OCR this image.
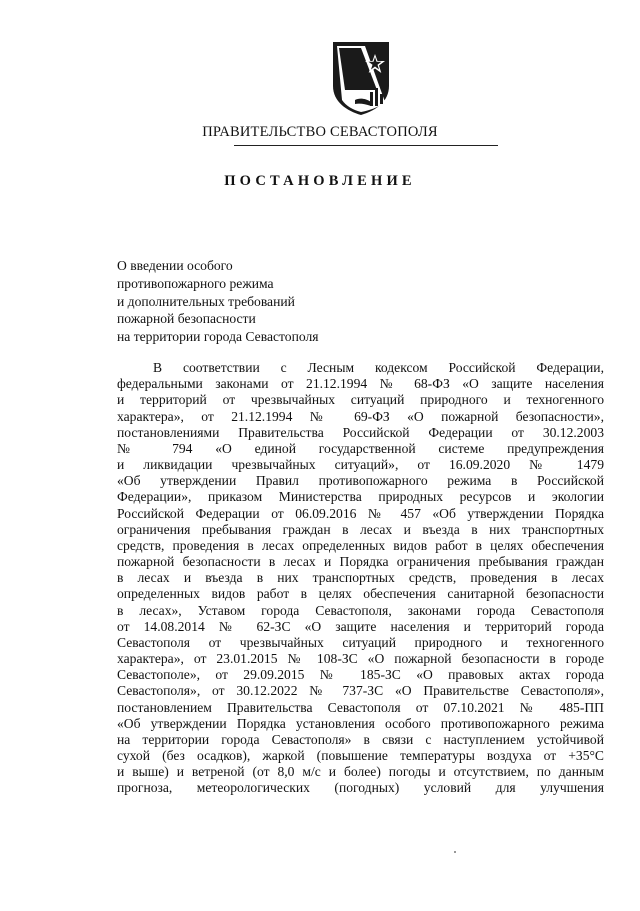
ПРАВИТЕЛЬСТВО СЕВАСТОПОЛЯ
ПОСТАНОВЛЕНИЕ
О введении особого
противопожарного режима
и дополнительных требований
пожарной безопасности
на территории города Севастополя
В соответствии с Лесным кодексом Российской Федерации,
федеральными законами от 21.12.1994 № 68-ФЗ «О защите населения
и территорий от чрезвычайных ситуаций природного и техногенного
характера», от 21.12.1994 № 69-ФЗ «О пожарной безопасности»,
постановлениями Правительства Российской Федерации от 30.12.2003
№ 794 «О единой государственной системе предупреждения
и ликвидации чрезвычайных ситуаций», от 16.09.2020 № 1479
«Об утверждении Правил противопожарного режима в Российской
Федерации», приказом Министерства природных ресурсов и экологии
Российской Федерации от 06.09.2016 № 457 «Об утверждении Порядка
ограничения пребывания граждан в лесах и въезда в них транспортных
средств, проведения в лесах определенных видов работ в целях обеспечения
пожарной безопасности в лесах и Порядка ограничения пребывания граждан
в лесах и въезда в них транспортных средств, проведения в лесах
определенных видов работ в целях обеспечения санитарной безопасности
в лесах», Уставом города Севастополя, законами города Севастополя
от 14.08.2014 № 62-ЗС «О защите населения и территорий города
Севастополя от чрезвычайных ситуаций природного и техногенного
характера», от 23.01.2015 № 108-ЗС «О пожарной безопасности в городе
Севастополе», от 29.09.2015 № 185-ЗС «О правовых актах города
Севастополя», от 30.12.2022 № 737-ЗС «О Правительстве Севастополя»,
постановлением Правительства Севастополя от 07.10.2021 № 485-ПП
«Об утверждении Порядка установления особого противопожарного режима
на территории города Севастополя» в связи с наступлением устойчивой
сухой (без осадков), жаркой (повышение температуры воздуха от +35°С
и выше) и ветреной (от 8,0 м/с и более) погоды и отсутствием, по данным
прогноза, метеорологических (погодных) условий для улучшения
